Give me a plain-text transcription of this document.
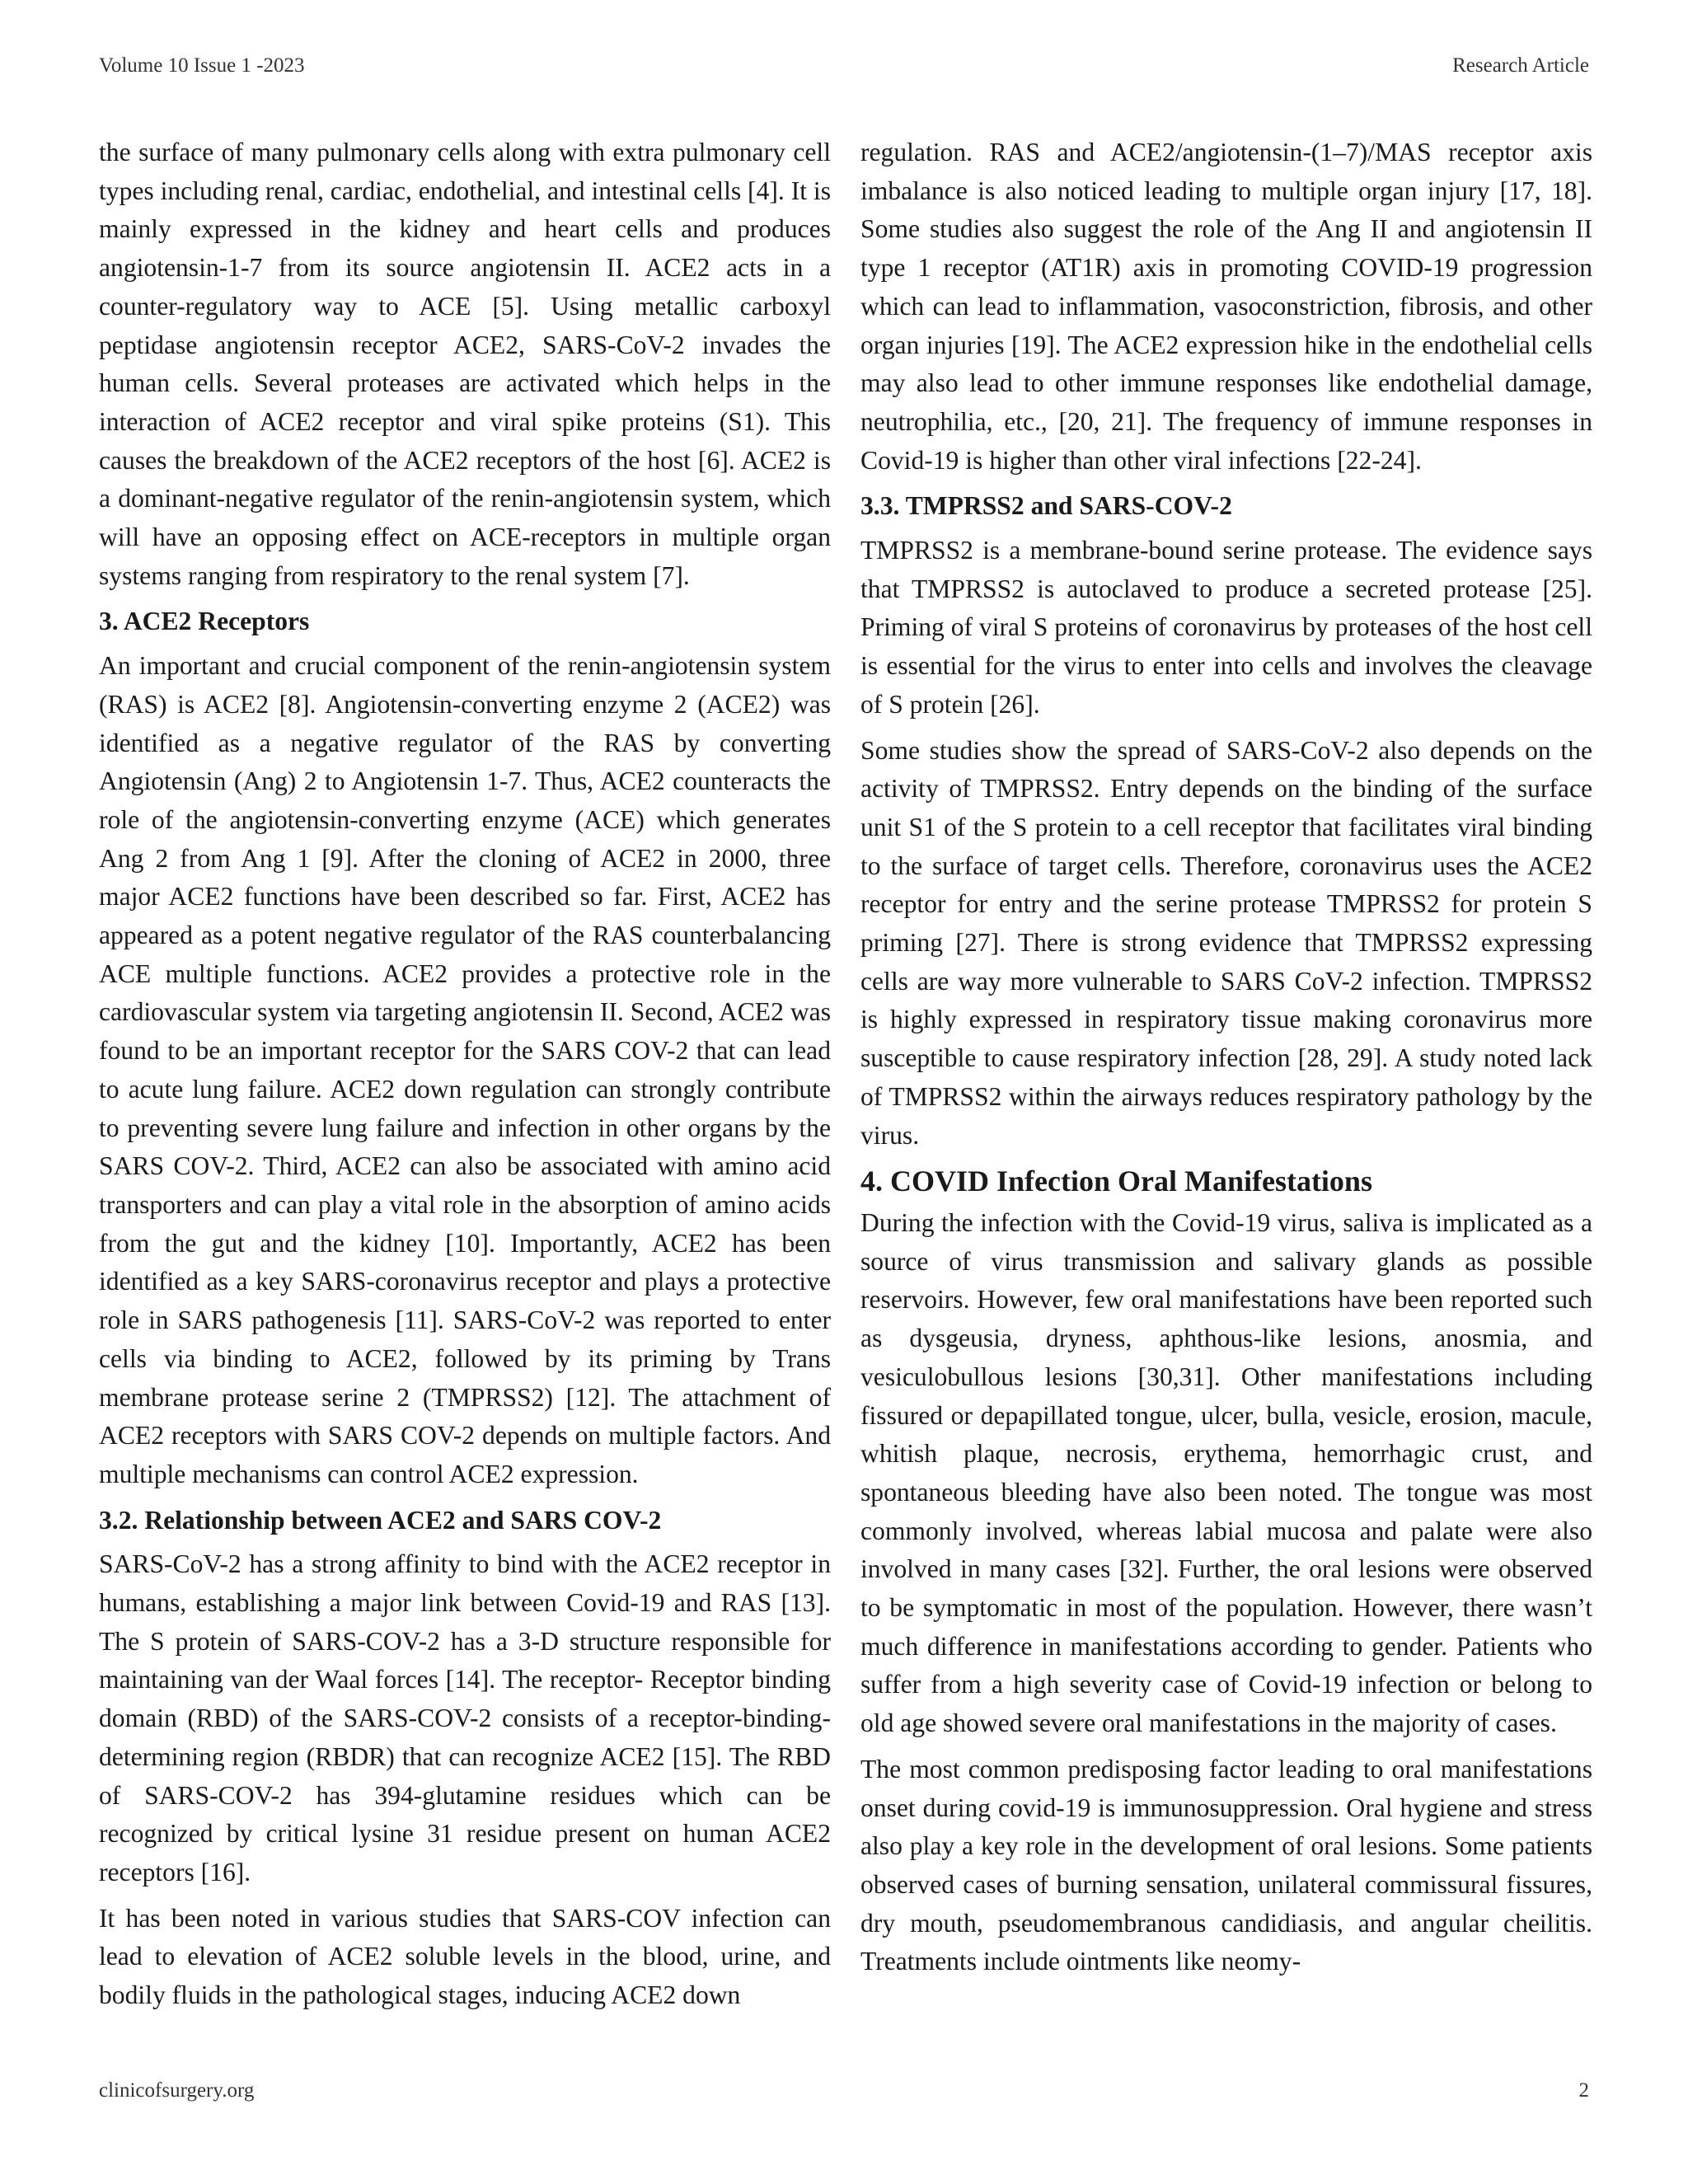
Volume 10 Issue 1 -2023	Research Article

the surface of many pulmonary cells along with extra pulmonary cell types including renal, cardiac, endothelial, and intestinal cells [4]. It is mainly expressed in the kidney and heart cells and produces angiotensin-1-7 from its source angiotensin II. ACE2 acts in a counter-regulatory way to ACE [5]. Using metallic carboxyl peptidase angiotensin receptor ACE2, SARS-CoV-2 invades the human cells. Several proteases are activated which helps in the interaction of ACE2 receptor and viral spike proteins (S1). This causes the breakdown of the ACE2 receptors of the host [6]. ACE2 is a dominant-negative regulator of the renin-angiotensin system, which will have an opposing effect on ACE-receptors in multiple organ systems ranging from respiratory to the renal system [7].

3. ACE2 Receptors

An important and crucial component of the renin-angiotensin system (RAS) is ACE2 [8]. Angiotensin-converting enzyme 2 (ACE2) was identified as a negative regulator of the RAS by converting Angiotensin (Ang) 2 to Angiotensin 1-7. Thus, ACE2 counteracts the role of the angiotensin-converting enzyme (ACE) which generates Ang 2 from Ang 1 [9]. After the cloning of ACE2 in 2000, three major ACE2 functions have been described so far. First, ACE2 has appeared as a potent negative regulator of the RAS counterbalancing ACE multiple functions. ACE2 provides a protective role in the cardiovascular system via targeting angiotensin II. Second, ACE2 was found to be an important receptor for the SARS COV-2 that can lead to acute lung failure. ACE2 down regulation can strongly contribute to preventing severe lung failure and infection in other organs by the SARS COV-2. Third, ACE2 can also be associated with amino acid transporters and can play a vital role in the absorption of amino acids from the gut and the kidney [10]. Importantly, ACE2 has been identified as a key SARS-coronavirus receptor and plays a protective role in SARS pathogenesis [11]. SARS-CoV-2 was reported to enter cells via binding to ACE2, followed by its priming by Trans membrane protease serine 2 (TMPRSS2) [12]. The attachment of ACE2 receptors with SARS COV-2 depends on multiple factors. And multiple mechanisms can control ACE2 expression.

3.2. Relationship between ACE2 and SARS COV-2

SARS-CoV-2 has a strong affinity to bind with the ACE2 receptor in humans, establishing a major link between Covid-19 and RAS [13]. The S protein of SARS-COV-2 has a 3-D structure responsible for maintaining van der Waal forces [14]. The receptor- Receptor binding domain (RBD) of the SARS-COV-2 consists of a receptor-binding-determining region (RBDR) that can recognize ACE2 [15]. The RBD of SARS-COV-2 has 394-glutamine residues which can be recognized by critical lysine 31 residue present on human ACE2 receptors [16].

It has been noted in various studies that SARS-COV infection can lead to elevation of ACE2 soluble levels in the blood, urine, and bodily fluids in the pathological stages, inducing ACE2 down

regulation. RAS and ACE2/angiotensin-(1–7)/MAS receptor axis imbalance is also noticed leading to multiple organ injury [17, 18]. Some studies also suggest the role of the Ang II and angiotensin II type 1 receptor (AT1R) axis in promoting COVID-19 progression which can lead to inflammation, vasoconstriction, fibrosis, and other organ injuries [19]. The ACE2 expression hike in the endothelial cells may also lead to other immune responses like endothelial damage, neutrophilia, etc., [20, 21]. The frequency of immune responses in Covid-19 is higher than other viral infections [22-24].

3.3. TMPRSS2 and SARS-COV-2

TMPRSS2 is a membrane-bound serine protease. The evidence says that TMPRSS2 is autoclaved to produce a secreted protease [25]. Priming of viral S proteins of coronavirus by proteases of the host cell is essential for the virus to enter into cells and involves the cleavage of S protein [26].

Some studies show the spread of SARS-CoV-2 also depends on the activity of TMPRSS2. Entry depends on the binding of the surface unit S1 of the S protein to a cell receptor that facilitates viral binding to the surface of target cells. Therefore, coronavirus uses the ACE2 receptor for entry and the serine protease TMPRSS2 for protein S priming [27]. There is strong evidence that TMPRSS2 expressing cells are way more vulnerable to SARS CoV-2 infection. TMPRSS2 is highly expressed in respiratory tissue making coronavirus more susceptible to cause respiratory infection [28, 29]. A study noted lack of TMPRSS2 within the airways reduces respiratory pathology by the virus.

4. COVID Infection Oral Manifestations

During the infection with the Covid-19 virus, saliva is implicated as a source of virus transmission and salivary glands as possible reservoirs. However, few oral manifestations have been reported such as dysgeusia, dryness, aphthous-like lesions, anosmia, and vesiculobullous lesions [30,31]. Other manifestations including fissured or depapillated tongue, ulcer, bulla, vesicle, erosion, macule, whitish plaque, necrosis, erythema, hemorrhagic crust, and spontaneous bleeding have also been noted. The tongue was most commonly involved, whereas labial mucosa and palate were also involved in many cases [32]. Further, the oral lesions were observed to be symptomatic in most of the population. However, there wasn’t much difference in manifestations according to gender. Patients who suffer from a high severity case of Covid-19 infection or belong to old age showed severe oral manifestations in the majority of cases.

The most common predisposing factor leading to oral manifestations onset during covid-19 is immunosuppression. Oral hygiene and stress also play a key role in the development of oral lesions. Some patients observed cases of burning sensation, unilateral commissural fissures, dry mouth, pseudomembranous candidiasis, and angular cheilitis. Treatments include ointments like neomy-

clinicofsurgery.org	2
